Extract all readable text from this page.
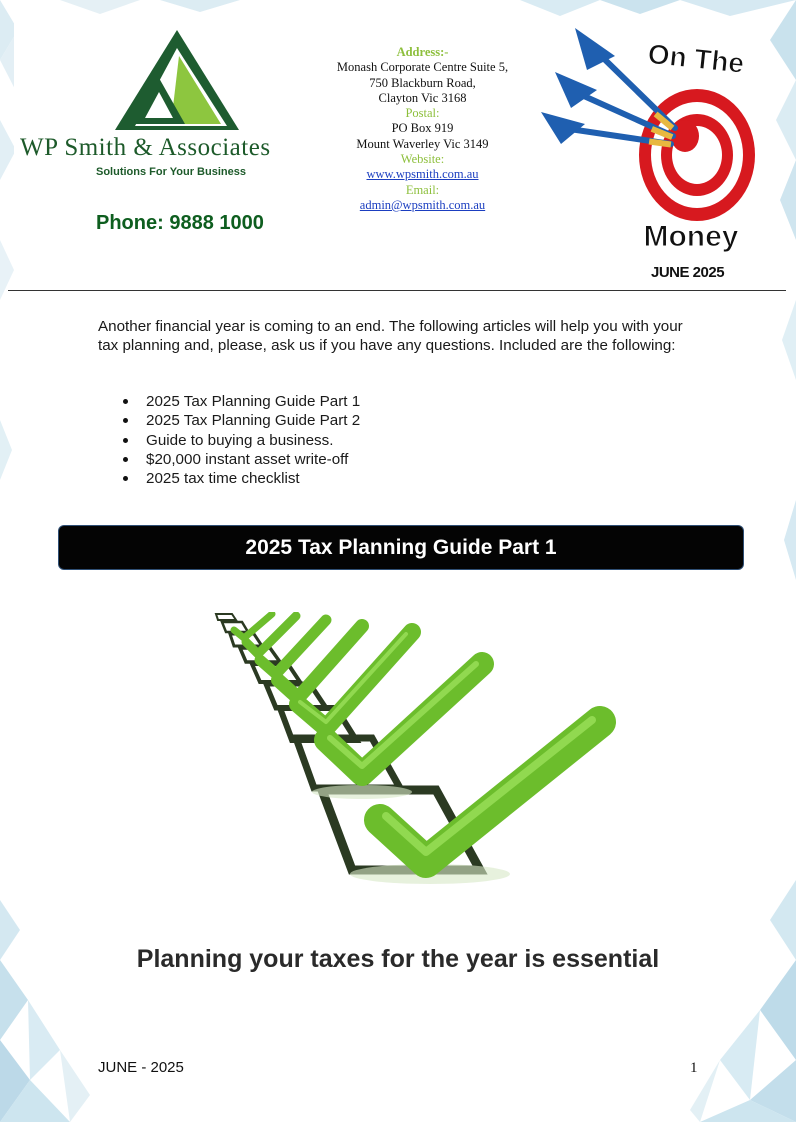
WP Smith & Associates
Solutions For Your Business
Phone: 9888 1000
Address:-
Monash Corporate Centre Suite 5,
750 Blackburn Road,
Clayton Vic 3168
Postal:
PO Box 919
Mount Waverley Vic 3149
Website:
www.wpsmith.com.au
Email:
admin@wpsmith.com.au
On The
Money
JUNE 2025
Another financial year is coming to an end. The following articles will help you with your tax planning and, please, ask us if you have any questions. Included are the following:
2025 Tax Planning Guide Part 1
2025 Tax Planning Guide Part 2
Guide to buying a business.
$20,000 instant asset write-off
2025 tax time checklist
2025 Tax Planning Guide Part 1
Planning your taxes for the year is essential
JUNE - 2025	1
